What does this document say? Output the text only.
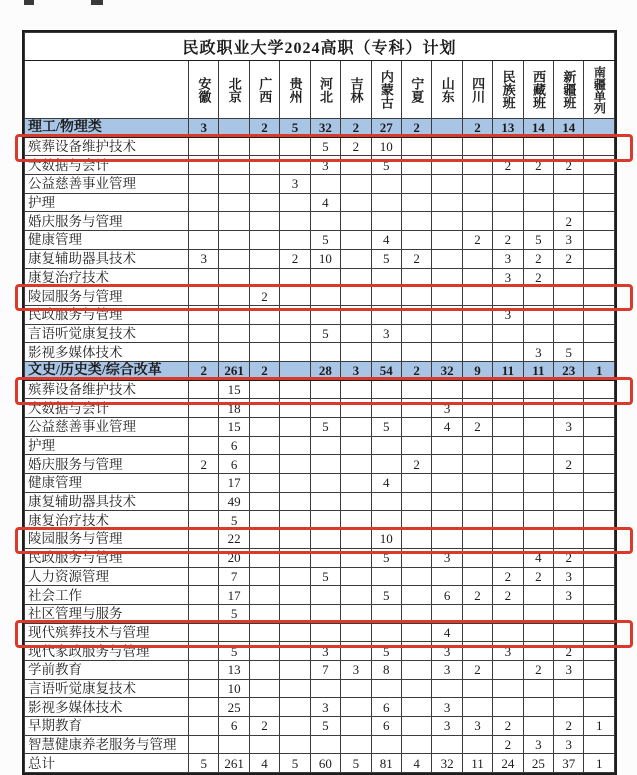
民政职业大学2024高职（专科）计划														
	安徽	北京	广西	贵州	河北	吉林	内蒙古	宁夏	山东	四川	民族班	西藏班	新疆班	南疆单列
理工/物理类	3		2	5	32	2	27	2		2	13	14	14	
殡葬设备维护技术					5	2	10							
大数据与会计					3		5				2	2	2	
公益慈善事业管理				3										
护理					4									
婚庆服务与管理													2	
健康管理					5		4			2	2	5	3	
康复辅助器具技术	3			2	10		5	2			3	2	2	
康复治疗技术											3	2		
陵园服务与管理			2											
民政服务与管理											3			
言语听觉康复技术					5		3							
影视多媒体技术												3	5	
文史/历史类/综合改革	2	261	2		28	3	54	2	32	9	11	11	23	1
殡葬设备维护技术		15												
大数据与会计		18							3					
公益慈善事业管理		15			5		5		4	2			3	
护理		6												
婚庆服务与管理	2	6						2					2	
健康管理		17					4							
康复辅助器具技术		49												
康复治疗技术		5												
陵园服务与管理		22					10							
民政服务与管理		20					5		3			4	2	
人力资源管理		7			5						2	2	3	
社会工作		17					5		6	2	2		3	
社区管理与服务		5												
现代殡葬技术与管理									4					
现代家政服务与管理		5			3		5		3		3		2	
学前教育		13			7	3	8		3	2		2	3	
言语听觉康复技术		10												
影视多媒体技术		25			3		6		3					
早期教育		6	2		5		6		3	3	2		2	1
智慧健康养老服务与管理											2	3	3	
总计	5	261	4	5	60	5	81	4	32	11	24	25	37	1
